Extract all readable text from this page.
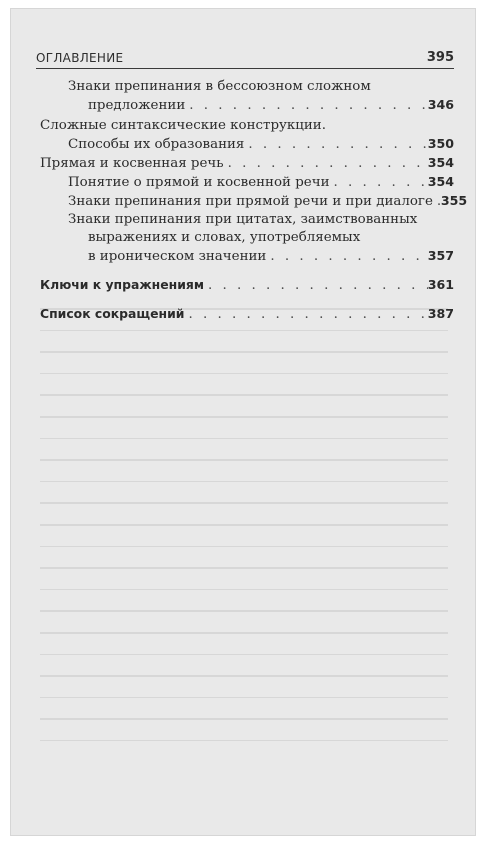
ОГЛАВЛЕНИЕ	395
Знаки препинания в бессоюзном сложном
предложении . . .	346
Сложные синтаксические конструкции.
Способы их образования . . .	350
Прямая и косвенная речь . . .	354
Понятие о прямой и косвенной речи . . .	354
Знаки препинания при прямой речи и при диалоге . . . 355
Знаки препинания при цитатах, заимствованных
выражениях и словах, употребляемых
в ироническом значении . . .	357
Ключи к упражнениям . . .	361
Список сокращений . . .	387
